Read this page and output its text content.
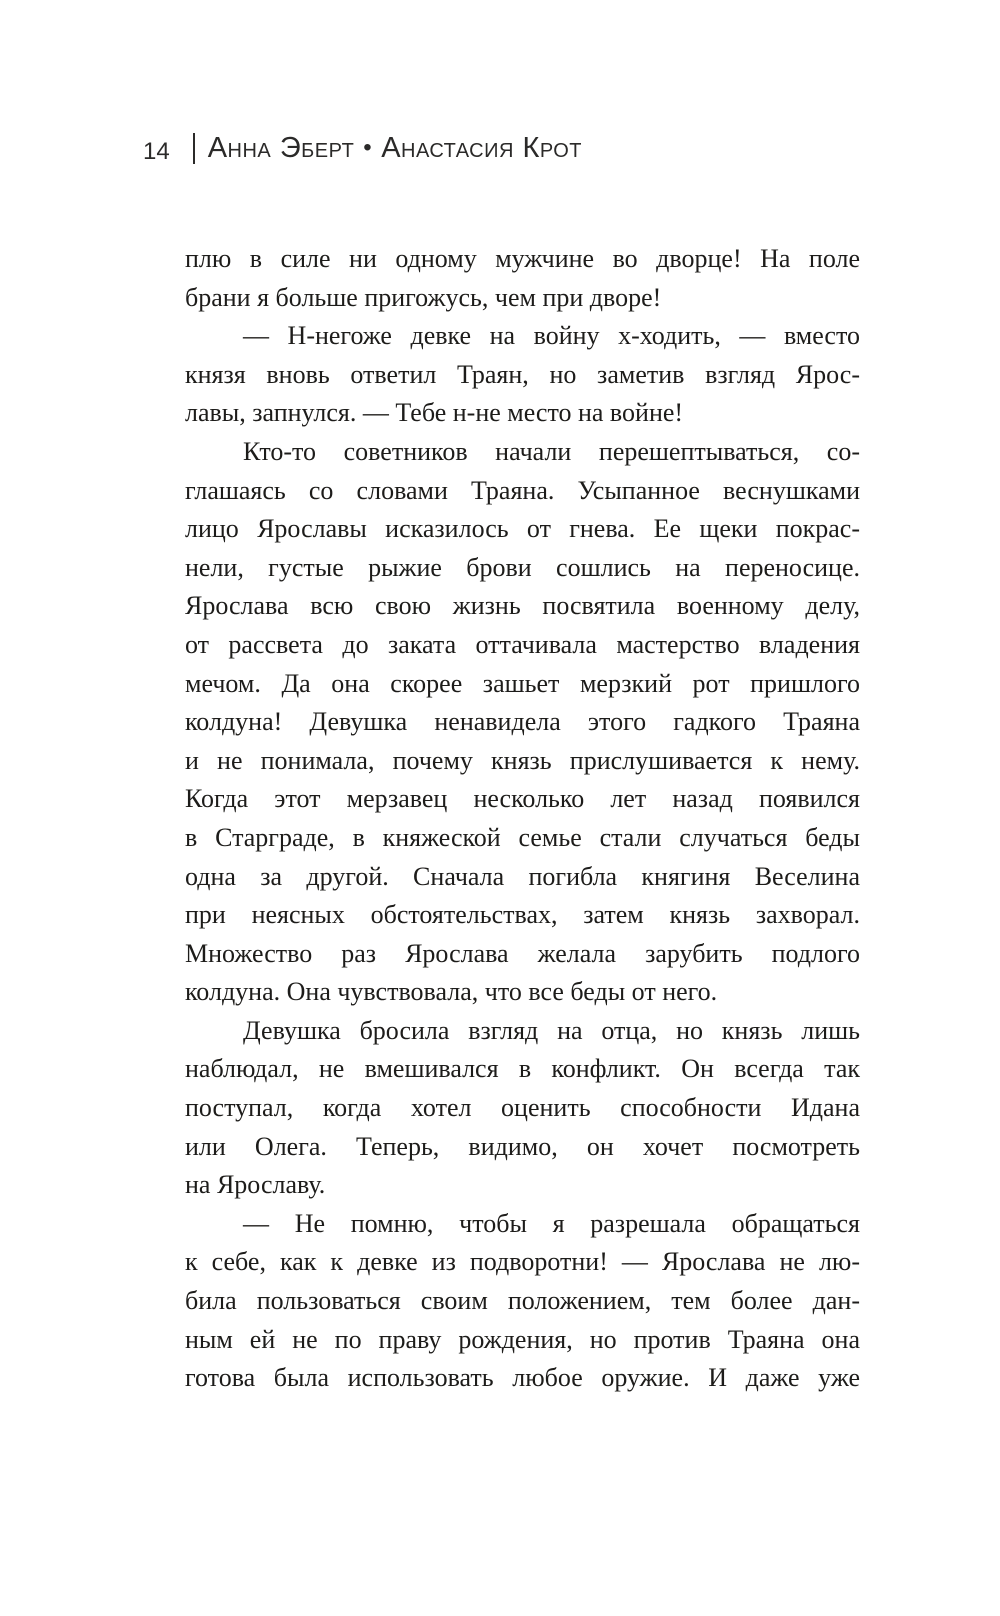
14 Анна Эберт • Анастасия Крот
плю в силе ни одному мужчине во дворце! На поле
брани я больше пригожусь, чем при дворе!
— Н-негоже девке на войну х-ходить, — вместо
князя вновь ответил Траян, но заметив взгляд Ярос-
лавы, запнулся. — Тебе н-не место на войне!
Кто-то советников начали перешептываться, со-
глашаясь со словами Траяна. Усыпанное веснушками
лицо Ярославы исказилось от гнева. Ее щеки покрас-
нели, густые рыжие брови сошлись на переносице.
Ярослава всю свою жизнь посвятила военному делу,
от рассвета до заката оттачивала мастерство владения
мечом. Да она скорее зашьет мерзкий рот пришлого
колдуна! Девушка ненавидела этого гадкого Траяна
и не понимала, почему князь прислушивается к нему.
Когда этот мерзавец несколько лет назад появился
в Старграде, в княжеской семье стали случаться беды
одна за другой. Сначала погибла княгиня Веселина
при неясных обстоятельствах, затем князь захворал.
Множество раз Ярослава желала зарубить подлого
колдуна. Она чувствовала, что все беды от него.
Девушка бросила взгляд на отца, но князь лишь
наблюдал, не вмешивался в конфликт. Он всегда так
поступал, когда хотел оценить способности Идана
или Олега. Теперь, видимо, он хочет посмотреть
на Ярославу.
— Не помню, чтобы я разрешала обращаться
к себе, как к девке из подворотни! — Ярослава не лю-
била пользоваться своим положением, тем более дан-
ным ей не по праву рождения, но против Траяна она
готова была использовать любое оружие. И даже уже
